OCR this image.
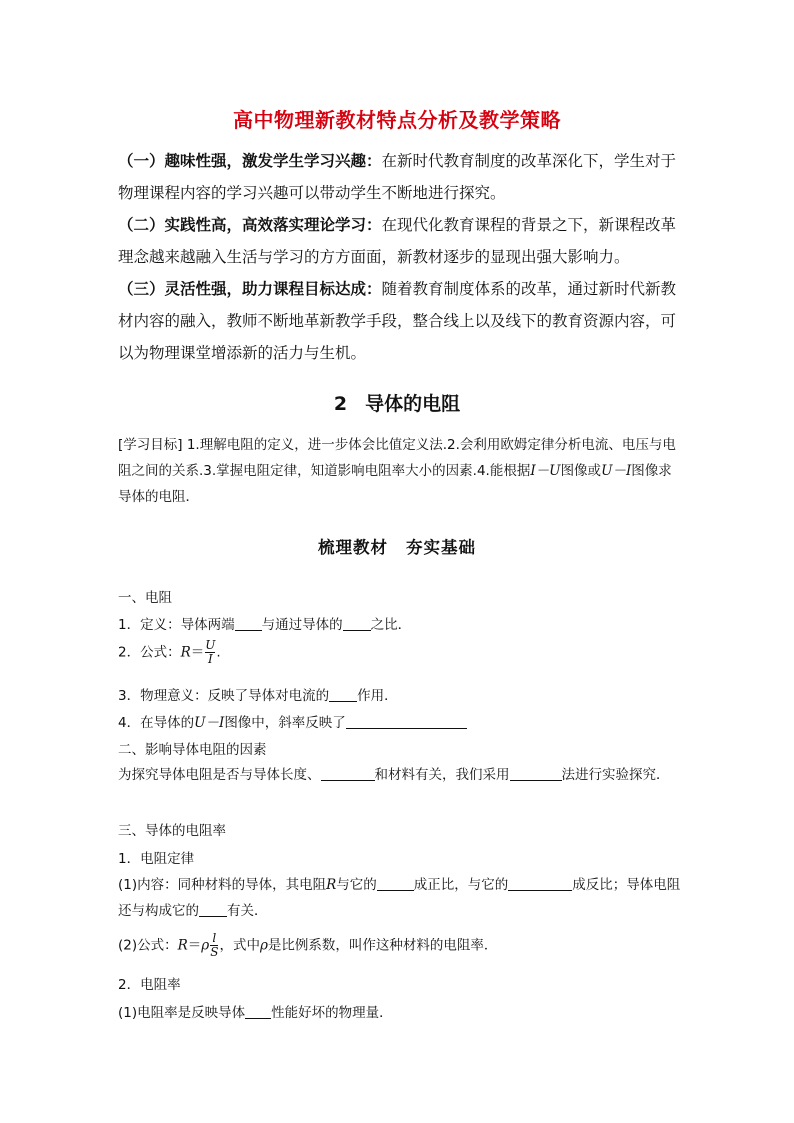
高中物理新教材特点分析及教学策略
（一）趣味性强，激发学生学习兴趣：在新时代教育制度的改革深化下，学生对于物理课程内容的学习兴趣可以带动学生不断地进行探究。
（二）实践性高，高效落实理论学习：在现代化教育课程的背景之下，新课程改革理念越来越融入生活与学习的方方面面，新教材逐步的显现出强大影响力。
（三）灵活性强，助力课程目标达成：随着教育制度体系的改革，通过新时代新教材内容的融入，教师不断地革新教学手段，整合线上以及线下的教育资源内容，可以为物理课堂增添新的活力与生机。
2 导体的电阻
[学习目标] 1.理解电阻的定义，进一步体会比值定义法.2.会利用欧姆定律分析电流、电压与电阻之间的关系.3.掌握电阻定律，知道影响电阻率大小的因素.4.能根据I－U图像或U－I图像求导体的电阻．
梳理教材 夯实基础
一、电阻
1．定义：导体两端 与通过导体的 之比．
2．公式：$R= \frac{U}{I}$ .
3．物理意义：反映了导体对电流的 作用．
4．在导体的U－I图像中，斜率反映了
二、影响导体电阻的因素
为探究导体电阻是否与导体长度、	和材料有关，我们采用	法进行实验探究．
三、导体的电阻率
1．电阻定律
(1)内容：同种材料的导体，其电阻R与它的	成正比，与它的	成反比；导体电阻还与构成它的 有关．
(2)公式：$R=\rho \frac{l}{S}$ ，式中ρ是比例系数，叫作这种材料的电阻率．
2．电阻率
(1)电阻率是反映导体 性能好坏的物理量．
